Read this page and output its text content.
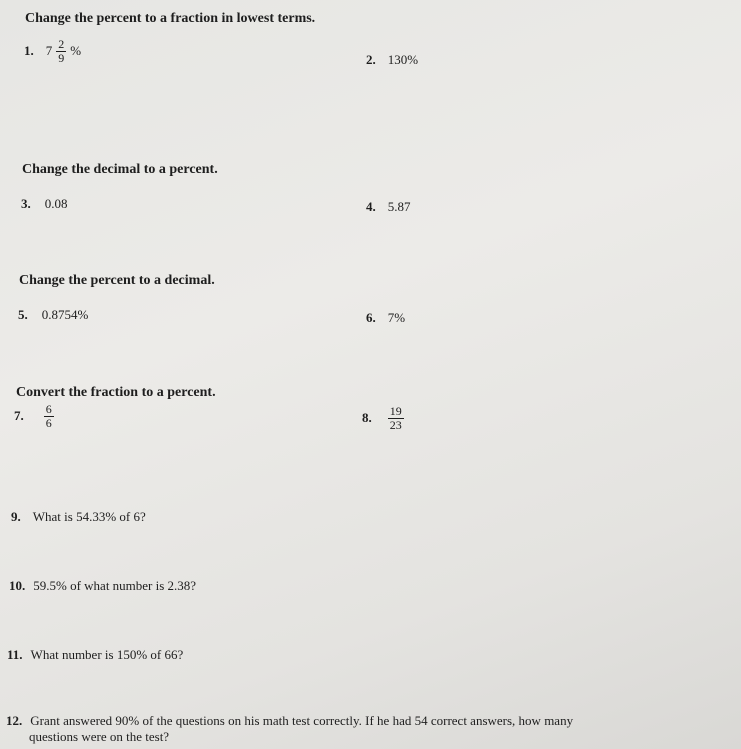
Change the percent to a fraction in lowest terms.
1. $7 \frac{2}{9}$ %
2. 130%
Change the decimal to a percent.
3. 0.08	4. 5.87
Change the percent to a decimal.
5. 0.8754%	6. 7%
Convert the fraction to a percent.
7. $\frac{6}{6}$	8. $\frac{19}{23}$
9. What is 54.33% of 6?
10. 59.5% of what number is 2.38?
11. What number is 150% of 66?
12. Grant answered 90% of the questions on his math test correctly. If he had 54 correct answers, how many
questions were on the test?
